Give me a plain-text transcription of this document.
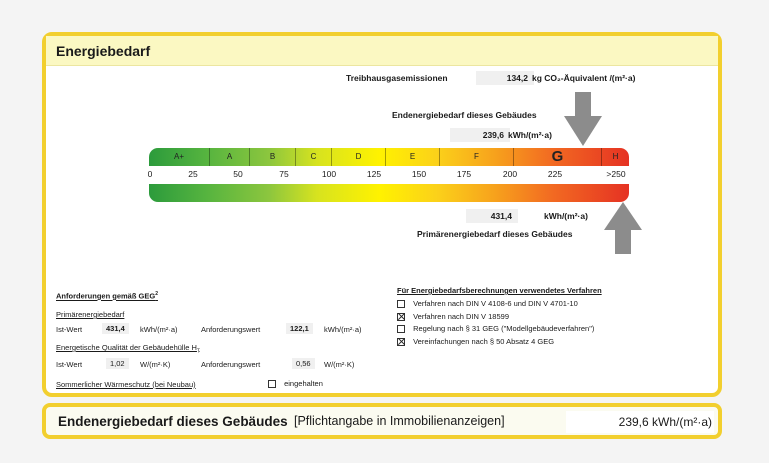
Energiebedarf
Treibhausgasemissionen	134,2 kg CO₂-Äquivalent /(m²·a)
Endenergiebedarf dieses Gebäudes
239,6 kWh/(m²·a)
A+	A	B	C	D	E	F	G	H
0	25	50	75	100	125	150	175	200	225	>250
431,4	kWh/(m²·a)
Primärenergiebedarf dieses Gebäudes
Anforderungen gemäß GEG$^2$
Primärenergiebedarf
Ist-Wert	431,4	kWh/(m²·a)	Anforderungswert	122,1	kWh/(m²·a)
Energetische Qualität der Gebäudehülle $H_T$
Ist-Wert	1,02	W/(m²·K)	Anforderungswert	0,56	W/(m²·K)
Sommerlicher Wärmeschutz (bei Neubau)	eingehalten
Für Energiebedarfsberechnungen verwendetes Verfahren
Verfahren nach DIN V 4108-6 und DIN V 4701-10
Verfahren nach DIN V 18599
Regelung nach § 31 GEG ("Modellgebäudeverfahren")
Vereinfachungen nach § 50 Absatz 4 GEG
Endenergiebedarf dieses Gebäudes [Pflichtangabe in Immobilienanzeigen]	239,6 kWh/(m²·a)
